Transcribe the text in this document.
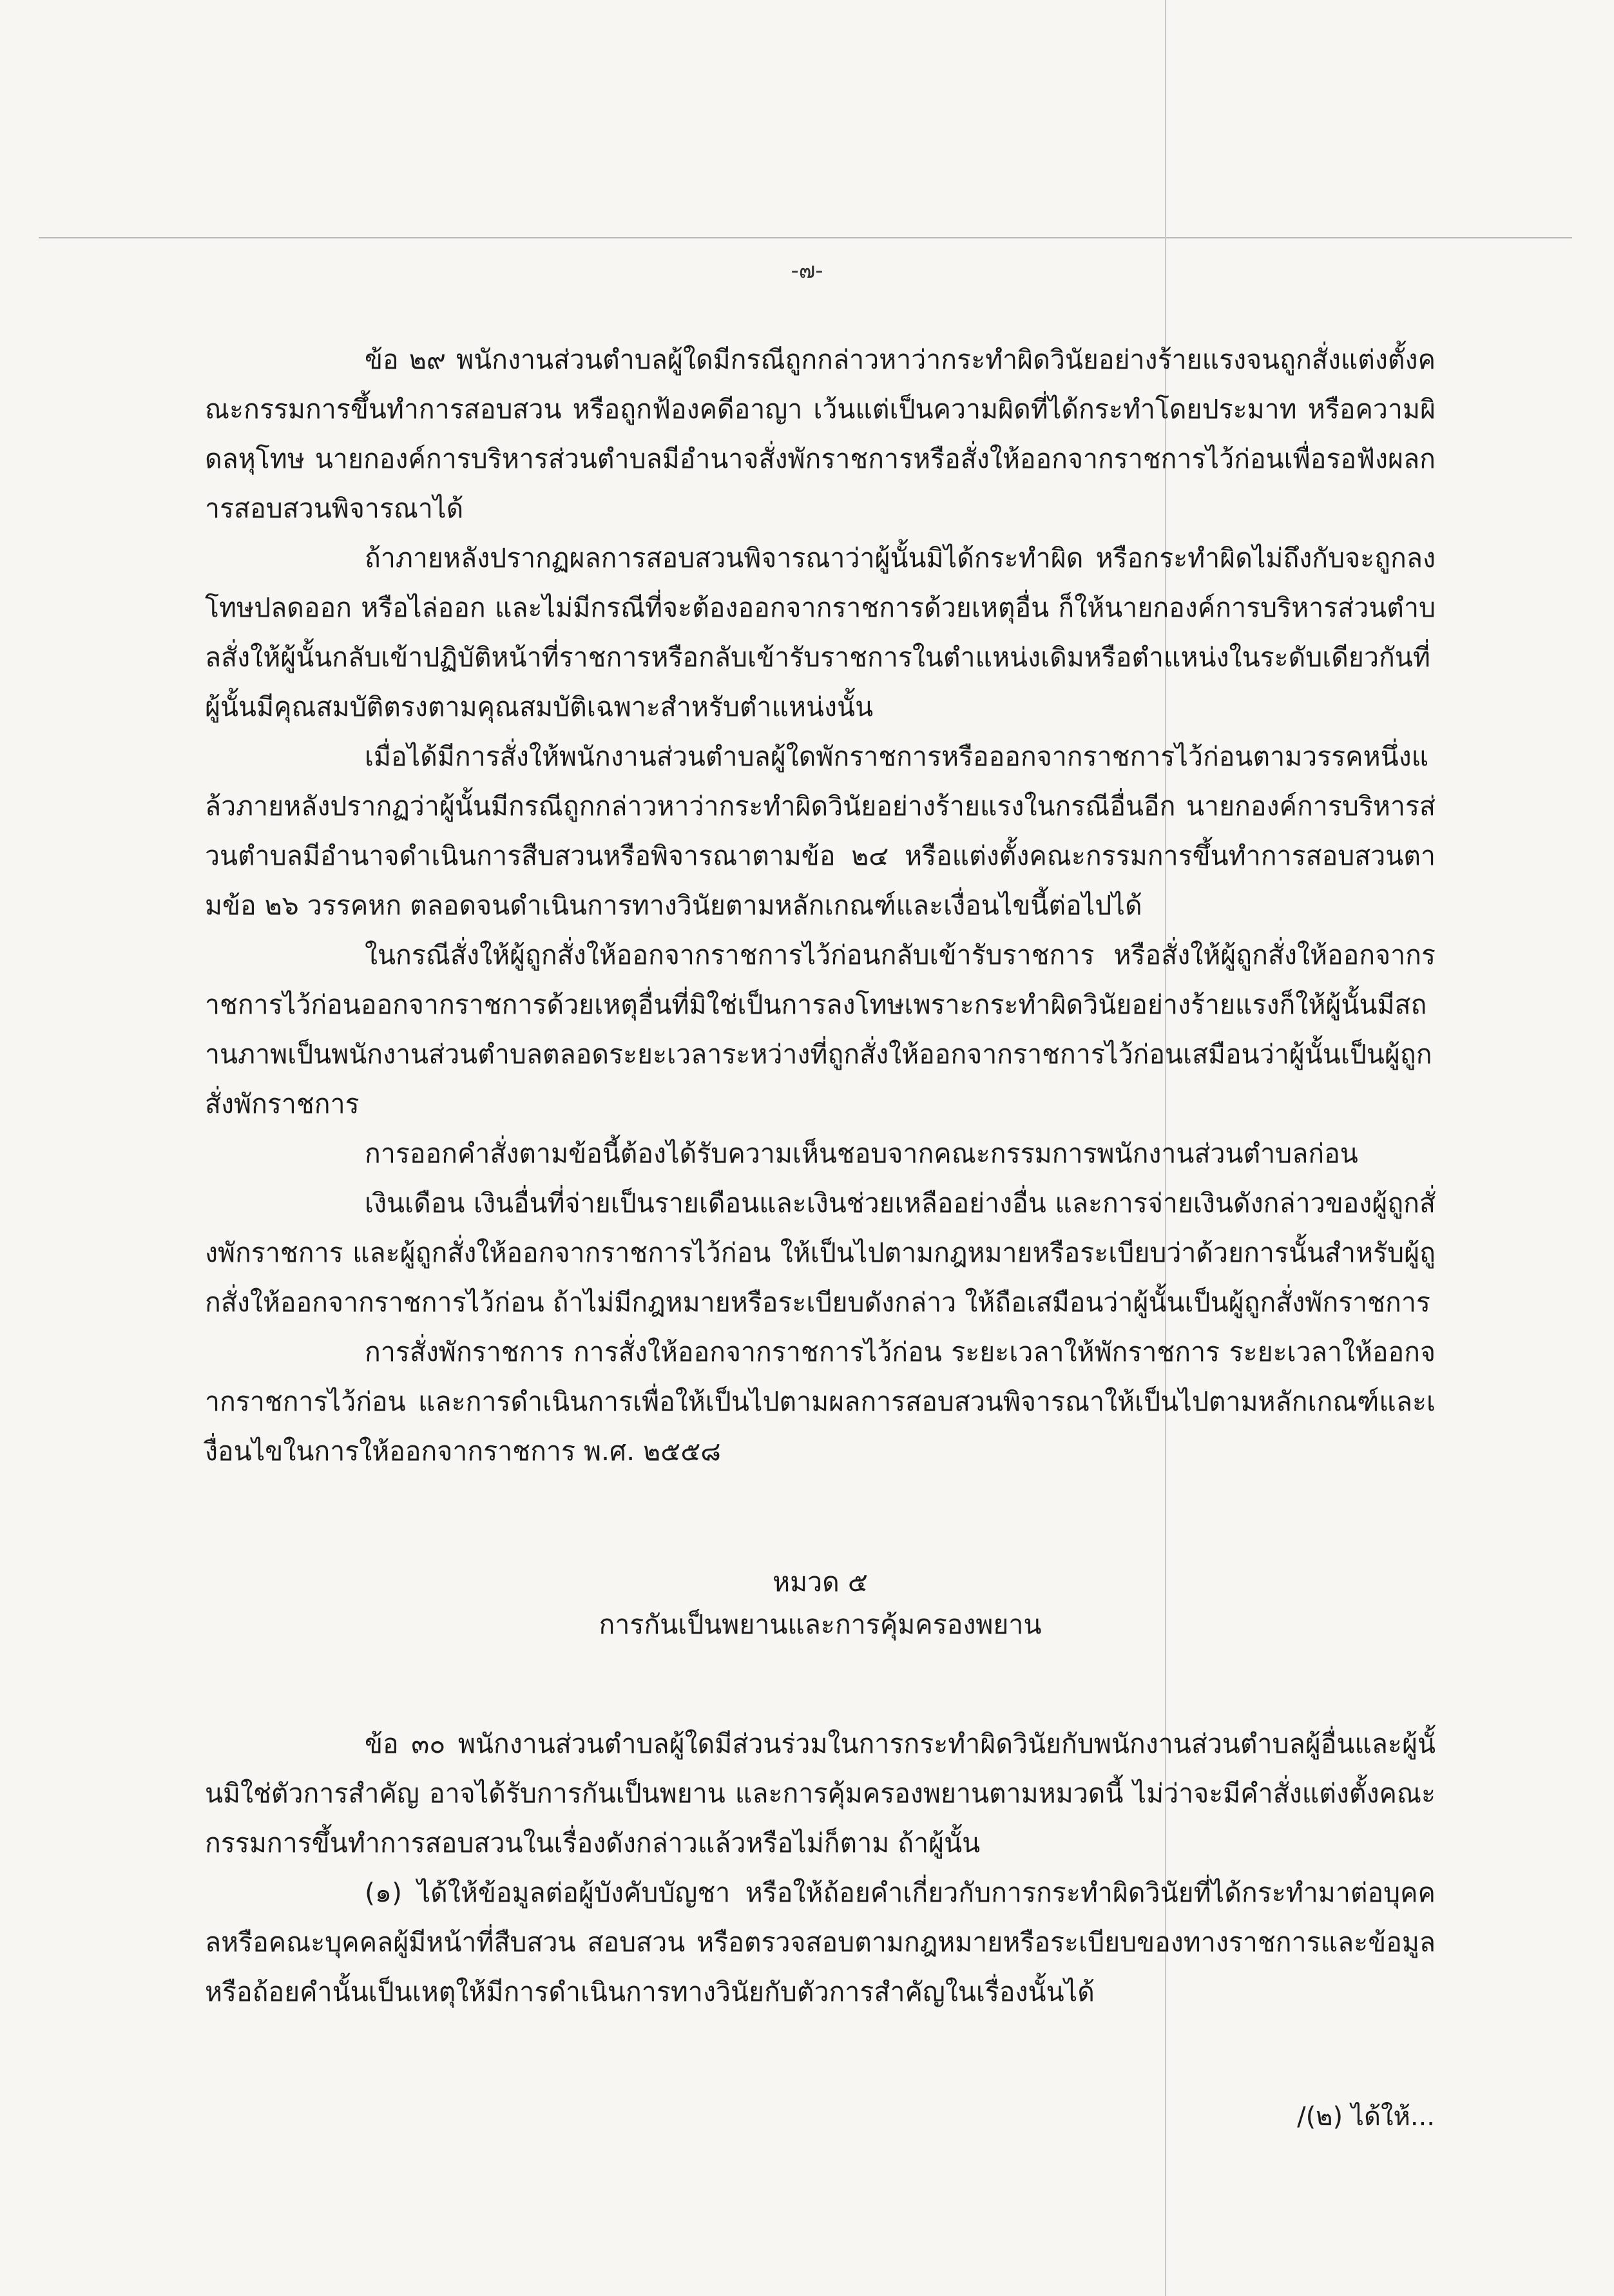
-๗-

ข้อ ๒๙ พนักงานส่วนตำบลผู้ใดมีกรณีถูกกล่าวหาว่ากระทำผิดวินัยอย่างร้ายแรงจนถูกสั่งแต่งตั้งคณะกรรมการขึ้นทำการสอบสวน หรือถูกฟ้องคดีอาญา เว้นแต่เป็นความผิดที่ได้กระทำโดยประมาท หรือความผิดลหุโทษ นายกองค์การบริหารส่วนตำบลมีอำนาจสั่งพักราชการหรือสั่งให้ออกจากราชการไว้ก่อนเพื่อรอฟังผลการสอบสวนพิจารณาได้

ถ้าภายหลังปรากฏผลการสอบสวนพิจารณาว่าผู้นั้นมิได้กระทำผิด หรือกระทำผิดไม่ถึงกับจะถูกลงโทษปลดออก หรือไล่ออก และไม่มีกรณีที่จะต้องออกจากราชการด้วยเหตุอื่น ก็ให้นายกองค์การบริหารส่วนตำบลสั่งให้ผู้นั้นกลับเข้าปฏิบัติหน้าที่ราชการหรือกลับเข้ารับราชการในตำแหน่งเดิมหรือตำแหน่งในระดับเดียวกันที่ผู้นั้นมีคุณสมบัติตรงตามคุณสมบัติเฉพาะสำหรับตำแหน่งนั้น

เมื่อได้มีการสั่งให้พนักงานส่วนตำบลผู้ใดพักราชการหรือออกจากราชการไว้ก่อนตามวรรคหนึ่งแล้วภายหลังปรากฏว่าผู้นั้นมีกรณีถูกกล่าวหาว่ากระทำผิดวินัยอย่างร้ายแรงในกรณีอื่นอีก นายกองค์การบริหารส่วนตำบลมีอำนาจดำเนินการสืบสวนหรือพิจารณาตามข้อ ๒๔ หรือแต่งตั้งคณะกรรมการขึ้นทำการสอบสวนตามข้อ ๒๖ วรรคหก ตลอดจนดำเนินการทางวินัยตามหลักเกณฑ์และเงื่อนไขนี้ต่อไปได้

ในกรณีสั่งให้ผู้ถูกสั่งให้ออกจากราชการไว้ก่อนกลับเข้ารับราชการ หรือสั่งให้ผู้ถูกสั่งให้ออกจากราชการไว้ก่อนออกจากราชการด้วยเหตุอื่นที่มิใช่เป็นการลงโทษเพราะกระทำผิดวินัยอย่างร้ายแรงก็ให้ผู้นั้นมีสถานภาพเป็นพนักงานส่วนตำบลตลอดระยะเวลาระหว่างที่ถูกสั่งให้ออกจากราชการไว้ก่อนเสมือนว่าผู้นั้นเป็นผู้ถูกสั่งพักราชการ

การออกคำสั่งตามข้อนี้ต้องได้รับความเห็นชอบจากคณะกรรมการพนักงานส่วนตำบลก่อน

เงินเดือน เงินอื่นที่จ่ายเป็นรายเดือนและเงินช่วยเหลืออย่างอื่น และการจ่ายเงินดังกล่าวของผู้ถูกสั่งพักราชการ และผู้ถูกสั่งให้ออกจากราชการไว้ก่อน ให้เป็นไปตามกฎหมายหรือระเบียบว่าด้วยการนั้นสำหรับผู้ถูกสั่งให้ออกจากราชการไว้ก่อน ถ้าไม่มีกฎหมายหรือระเบียบดังกล่าว ให้ถือเสมือนว่าผู้นั้นเป็นผู้ถูกสั่งพักราชการ

การสั่งพักราชการ การสั่งให้ออกจากราชการไว้ก่อน ระยะเวลาให้พักราชการ ระยะเวลาให้ออกจากราชการไว้ก่อน และการดำเนินการเพื่อให้เป็นไปตามผลการสอบสวนพิจารณาให้เป็นไปตามหลักเกณฑ์และเงื่อนไขในการให้ออกจากราชการ พ.ศ. ๒๕๕๘

หมวด ๕

การกันเป็นพยานและการคุ้มครองพยาน

ข้อ ๓๐ พนักงานส่วนตำบลผู้ใดมีส่วนร่วมในการกระทำผิดวินัยกับพนักงานส่วนตำบลผู้อื่นและผู้นั้นมิใช่ตัวการสำคัญ อาจได้รับการกันเป็นพยาน และการคุ้มครองพยานตามหมวดนี้ ไม่ว่าจะมีคำสั่งแต่งตั้งคณะกรรมการขึ้นทำการสอบสวนในเรื่องดังกล่าวแล้วหรือไม่ก็ตาม ถ้าผู้นั้น

(๑) ได้ให้ข้อมูลต่อผู้บังคับบัญชา หรือให้ถ้อยคำเกี่ยวกับการกระทำผิดวินัยที่ได้กระทำมาต่อบุคคลหรือคณะบุคคลผู้มีหน้าที่สืบสวน สอบสวน หรือตรวจสอบตามกฎหมายหรือระเบียบของทางราชการและข้อมูลหรือถ้อยคำนั้นเป็นเหตุให้มีการดำเนินการทางวินัยกับตัวการสำคัญในเรื่องนั้นได้

/(๒) ได้ให้...
